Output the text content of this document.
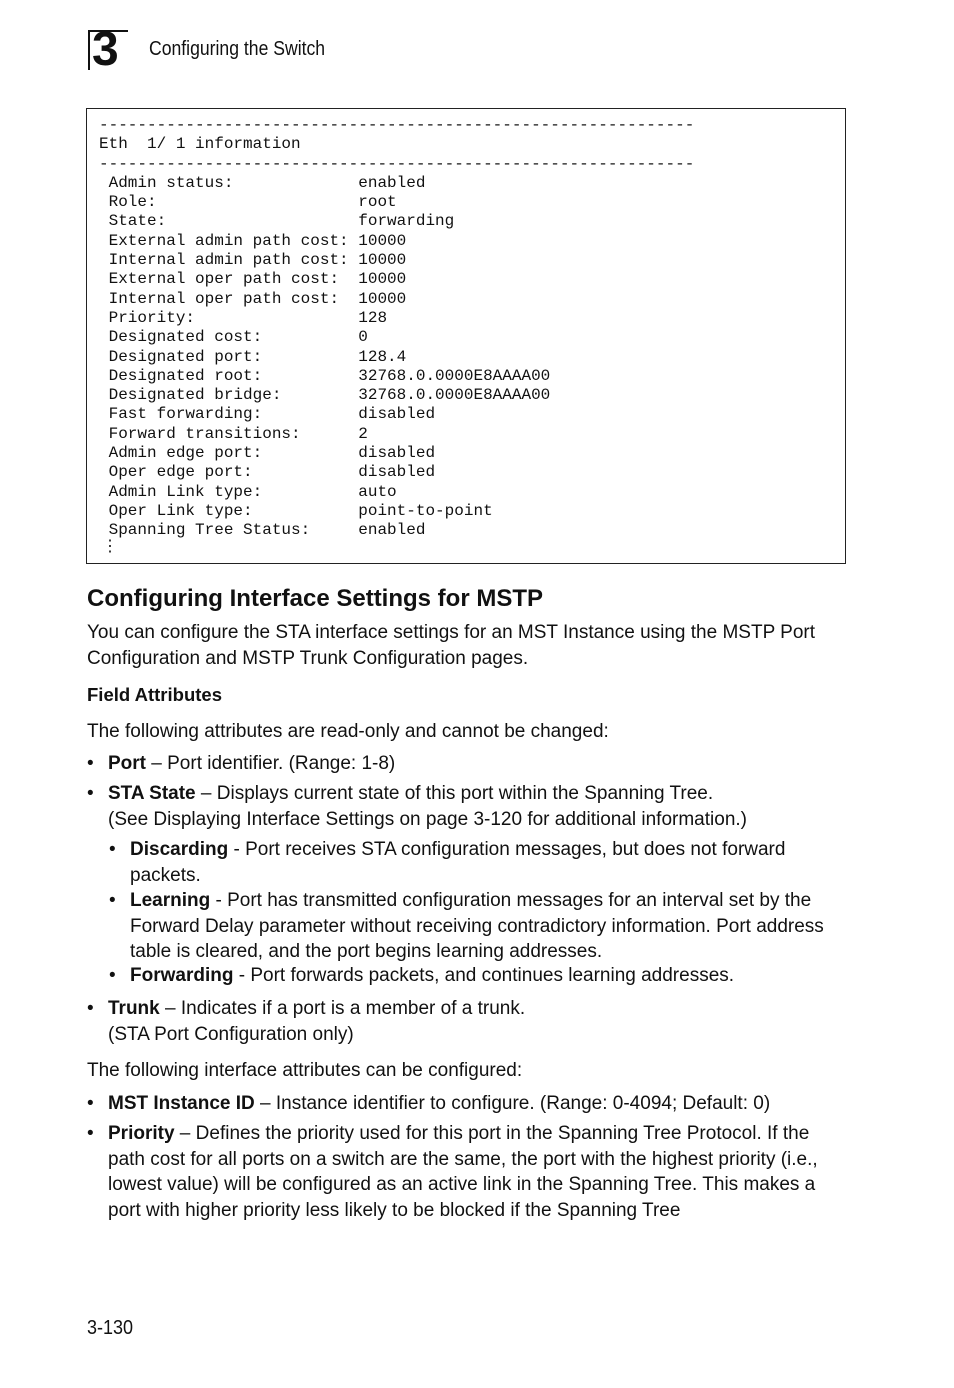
3 Configuring the Switch
--------------------------------------------------------------
Eth  1/ 1 information
--------------------------------------------------------------
Admin status:             enabled
Role:                     root
State:                    forwarding
External admin path cost: 10000
Internal admin path cost: 10000
External oper path cost:  10000
Internal oper path cost:  10000
Priority:                 128
Designated cost:          0
Designated port:          128.4
Designated root:          32768.0.0000E8AAAA00
Designated bridge:        32768.0.0000E8AAAA00
Fast forwarding:          disabled
Forward transitions:      2
Admin edge port:          disabled
Oper edge port:           disabled
Admin Link type:          auto
Oper Link type:           point-to-point
Spanning Tree Status:     enabled
⋮
Configuring Interface Settings for MSTP

You can configure the STA interface settings for an MST Instance using the MSTP Port Configuration and MSTP Trunk Configuration pages.

Field Attributes

The following attributes are read-only and cannot be changed:

• Port – Port identifier. (Range: 1-8)
• STA State – Displays current state of this port within the Spanning Tree.
(See Displaying Interface Settings on page 3-120 for additional information.)
• Discarding - Port receives STA configuration messages, but does not forward packets.
• Learning - Port has transmitted configuration messages for an interval set by the Forward Delay parameter without receiving contradictory information. Port address table is cleared, and the port begins learning addresses.
• Forwarding - Port forwards packets, and continues learning addresses.
• Trunk – Indicates if a port is a member of a trunk.
(STA Port Configuration only)

The following interface attributes can be configured:

• MST Instance ID – Instance identifier to configure. (Range: 0-4094; Default: 0)
• Priority – Defines the priority used for this port in the Spanning Tree Protocol. If the path cost for all ports on a switch are the same, the port with the highest priority (i.e., lowest value) will be configured as an active link in the Spanning Tree. This makes a port with higher priority less likely to be blocked if the Spanning Tree
3-130
